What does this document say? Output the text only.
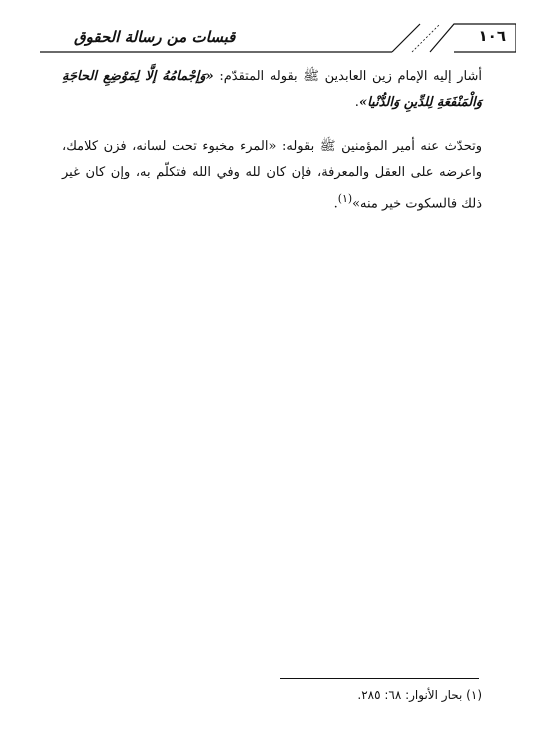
قبسات من رسالة الحقوق	١٠٦
أشار إليه الإمام زين العابدين ﷺ بقوله المتقدّم: «وَإجْمامُهُ إلَّا لِمَوْضِعِ الحاجَةِ وَالْمَنْفَعَةِ لِلدِّينِ وَالدُّنْيا».
وتحدّث عنه أمير المؤمنين ﷺ بقوله: «المرء مخبوء تحت لسانه، فزن كلامك، واعرضه على العقل والمعرفة، فإن كان لله وفي الله فتكلّم به، وإن كان غير ذلك فالسكوت خير منه»$^{(١)}$.
(١) بحار الأنوار: ٦٨: ٢٨٥.
